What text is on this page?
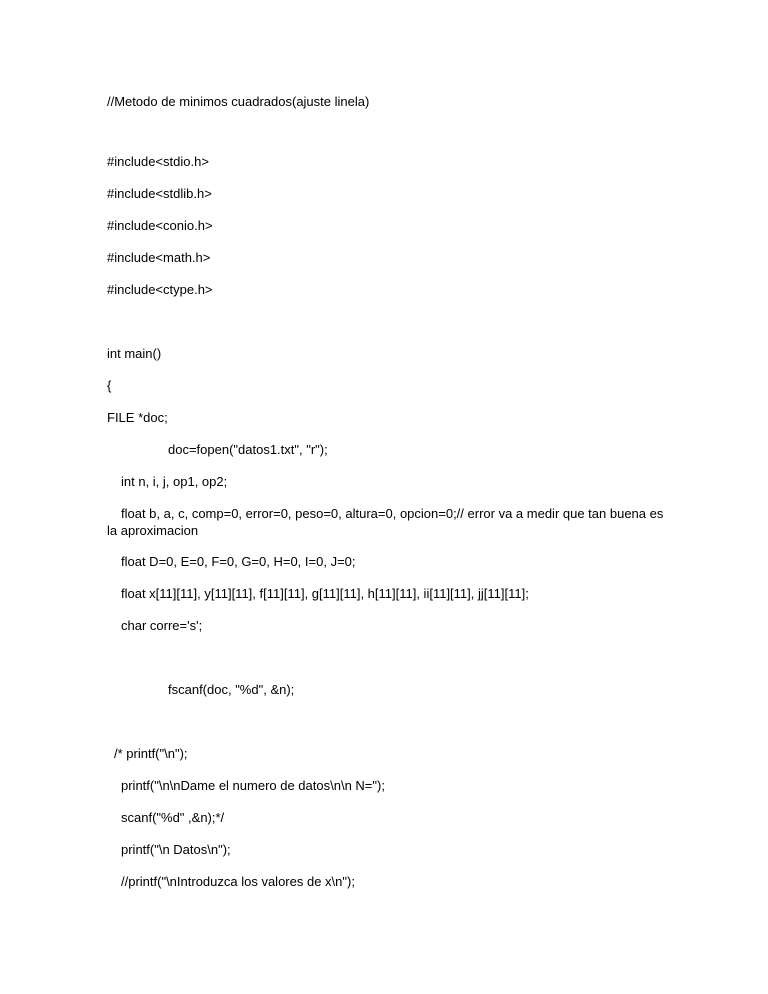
//Metodo de minimos cuadrados(ajuste linela)
#include<stdio.h>
#include<stdlib.h>
#include<conio.h>
#include<math.h>
#include<ctype.h>
int main()
{
FILE *doc;
doc=fopen("datos1.txt", "r");
int n, i, j, op1, op2;
float b, a, c, comp=0, error=0, peso=0, altura=0, opcion=0;// error va a medir que tan buena es
la aproximacion
float D=0, E=0, F=0, G=0, H=0, I=0, J=0;
float x[11][11], y[11][11], f[11][11], g[11][11], h[11][11], ii[11][11], jj[11][11];
char corre='s';
fscanf(doc, "%d", &n);
/* printf("\n");
printf("\n\nDame el numero de datos\n\n N=");
scanf("%d" ,&n);*/
printf("\n Datos\n");
//printf("\nIntroduzca los valores de x\n");
